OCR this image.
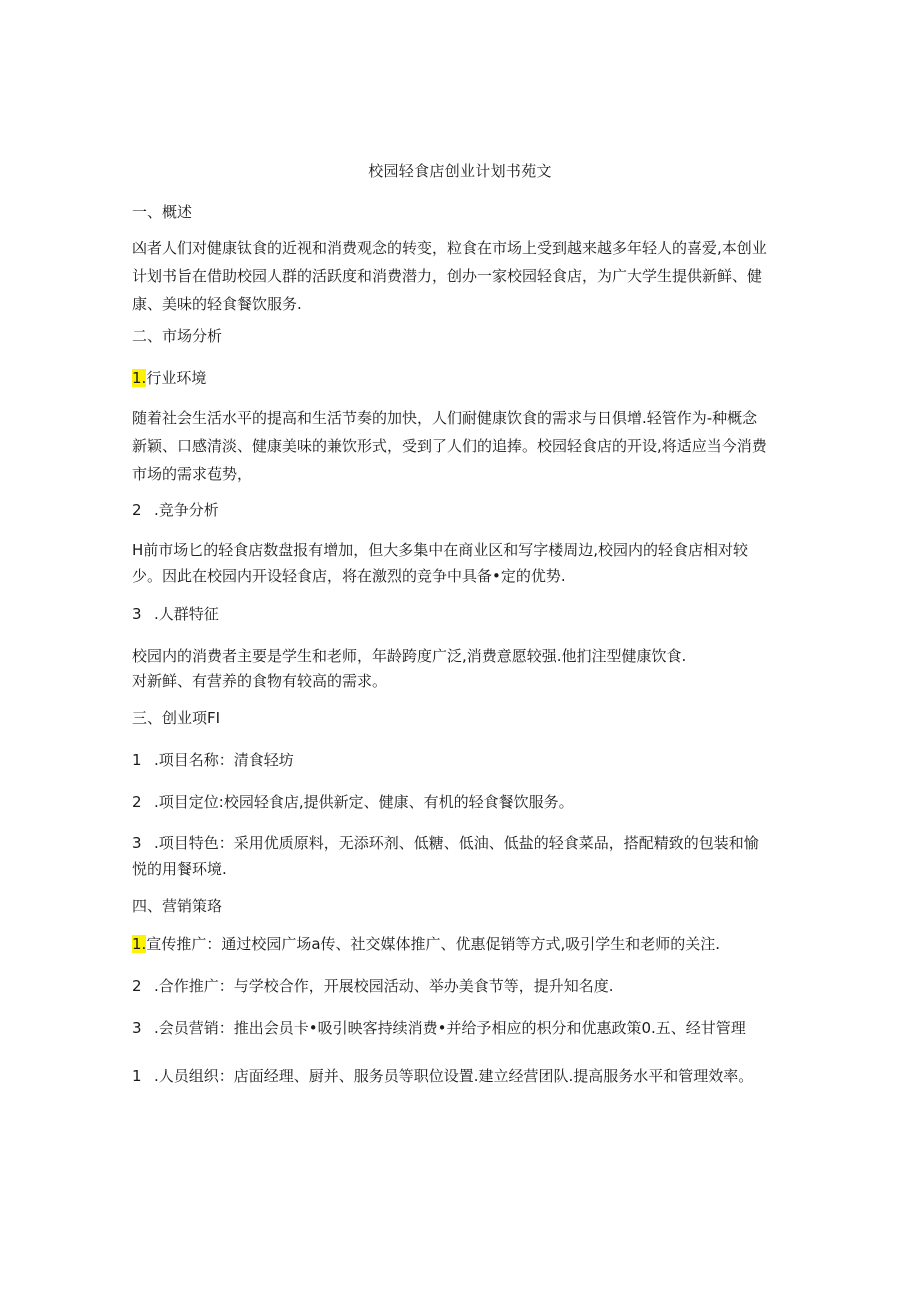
校园轻食店创业计划书苑文
一、概述
凶者人们对健康钛食的近视和消费观念的转变，粒食在市场上受到越来越多年轻人的喜爱,本创业
计划书旨在借助校园人群的活跃度和消费潜力，创办一家校园轻食店，为广大学生提供新鲜、健
康、美味的轻食餐饮服务.
二、市场分析
1.行业环境
随着社会生活水平的提高和生活节奏的加快，人们耐健康饮食的需求与日俱增.轻管作为-种概念
新颖、口感清淡、健康美味的兼饮形式，受到了人们的追捧。校园轻食店的开设,将适应当今消费
市场的需求苞势，
2 .竞争分析
H前市场匕的轻食店数盘报有增加，但大多集中在商业区和写字楼周边,校园内的轻食店相对较
少。因此在校园内开设轻食店，将在激烈的竞争中具备•定的优势.
3 .人群特征
校园内的消费者主要是学生和老师，年龄跨度广泛,消费意愿较强.他扪注型健康饮食.
对新鲜、有营养的食物有较高的需求。
三、创业项FI
1 .项目名称：清食轻坊
2 .项目定位:校园轻食店,提供新定、健康、有机的轻食餐饮服务。
3 .项目特色：采用优质原料，无添环剂、低糖、低油、低盐的轻食菜品，搭配精致的包装和愉
悦的用餐环境.
四、营销策珞
1.宣传推广：通过校园广场a传、社交媒体推广、优惠促销等方式,吸引学生和老师的关注.
2 .合作推广：与学校合作，开展校园活动、举办美食节等，提升知名度.
3 .会员营销：推出会员卡•吸引映客持续消费•并给予相应的枳分和优惠政策0.五、经甘管理
1 .人员组织：店面经理、厨并、服务员等职位设置.建立经营团队.提高服务水平和管理效率。
